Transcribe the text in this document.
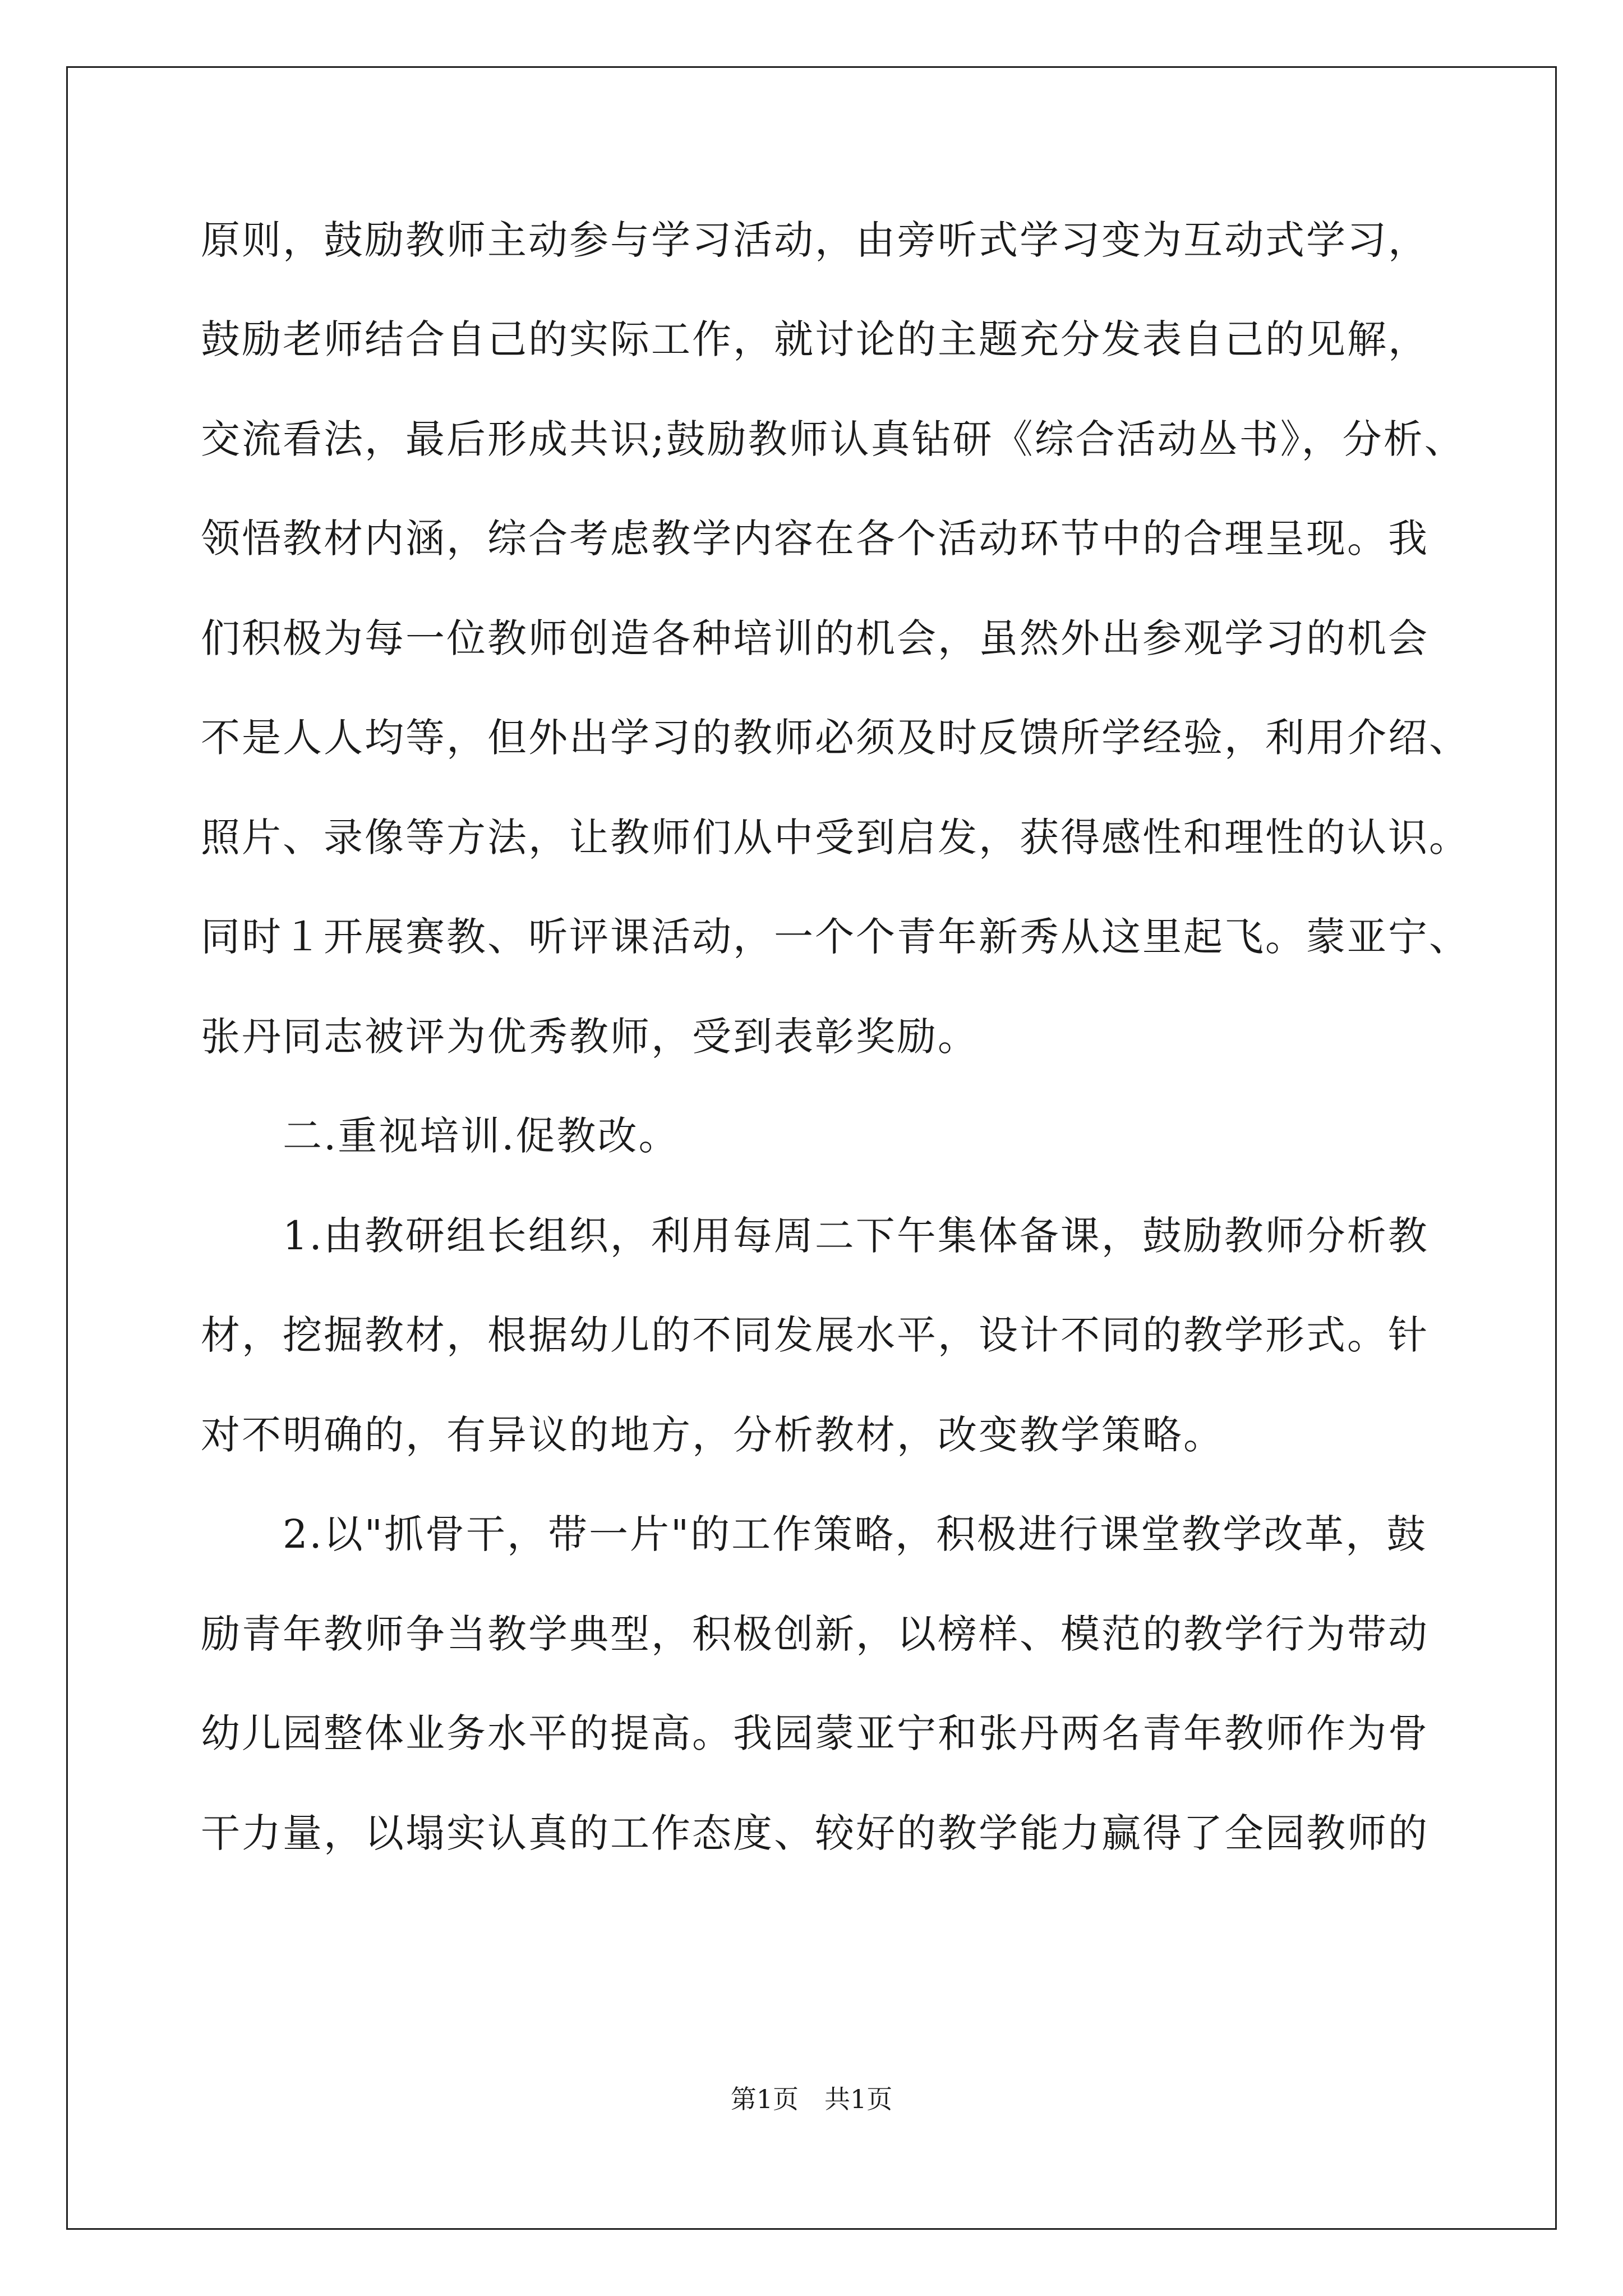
原则，鼓励教师主动参与学习活动，由旁听式学习变为互动式学习，
鼓励老师结合自己的实际工作，就讨论的主题充分发表自己的见解，
交流看法，最后形成共识;鼓励教师认真钻研《综合活动丛书》，分析、
领悟教材内涵，综合考虑教学内容在各个活动环节中的合理呈现。我
们积极为每一位教师创造各种培训的机会，虽然外出参观学习的机会
不是人人均等，但外出学习的教师必须及时反馈所学经验，利用介绍、
照片、录像等方法，让教师们从中受到启发，获得感性和理性的认识。
同时１开展赛教、听评课活动，一个个青年新秀从这里起飞。蒙亚宁、
张丹同志被评为优秀教师，受到表彰奖励。
　　二.重视培训.促教改。
　　1.由教研组长组织，利用每周二下午集体备课，鼓励教师分析教
材，挖掘教材，根据幼儿的不同发展水平，设计不同的教学形式。针
对不明确的，有异议的地方，分析教材，改变教学策略。
　　2.以"抓骨干，带一片"的工作策略，积极进行课堂教学改革，鼓
励青年教师争当教学典型，积极创新，以榜样、模范的教学行为带动
幼儿园整体业务水平的提高。我园蒙亚宁和张丹两名青年教师作为骨
干力量，以塌实认真的工作态度、较好的教学能力赢得了全园教师的
第1页　共1页
